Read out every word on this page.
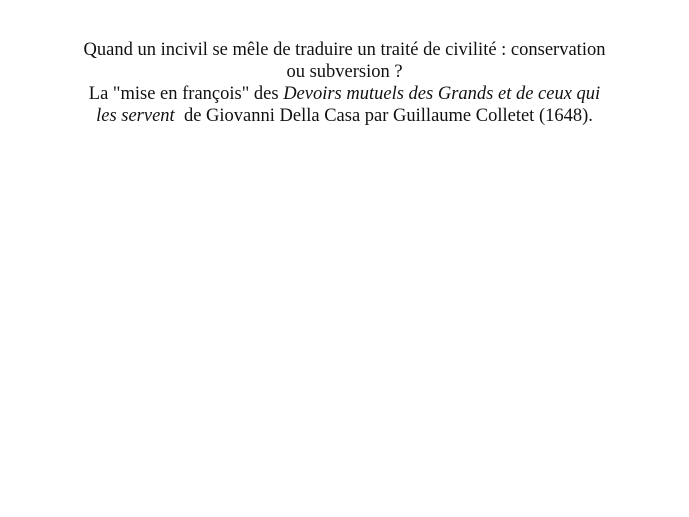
Quand un incivil se mêle de traduire un traité de civilité : conservation

ou subversion ?

La "mise en françois" des Devoirs mutuels des Grands et de ceux qui

les servent  de Giovanni Della Casa par Guillaume Colletet (1648).
